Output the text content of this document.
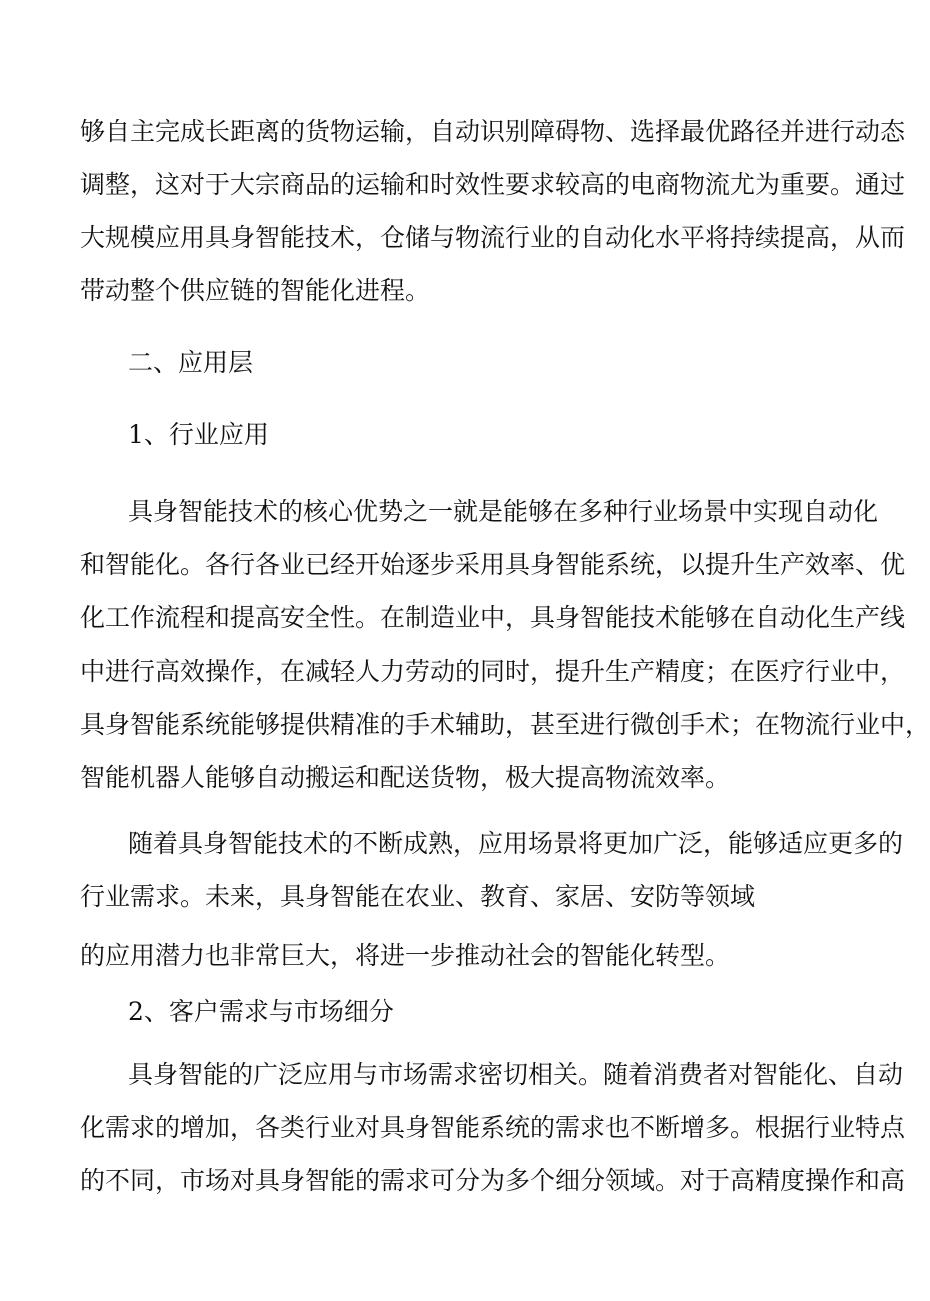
够自主完成长距离的货物运输，自动识别障碍物、选择最优路径并进行动态
调整，这对于大宗商品的运输和时效性要求较高的电商物流尤为重要。通过
大规模应用具身智能技术，仓储与物流行业的自动化水平将持续提高，从而
带动整个供应链的智能化进程。
二、应用层
1、行业应用
具身智能技术的核心优势之一就是能够在多种行业场景中实现自动化
和智能化。各行各业已经开始逐步采用具身智能系统，以提升生产效率、优
化工作流程和提高安全性。在制造业中，具身智能技术能够在自动化生产线
中进行高效操作，在减轻人力劳动的同时，提升生产精度；在医疗行业中，
具身智能系统能够提供精准的手术辅助，甚至进行微创手术；在物流行业中，
智能机器人能够自动搬运和配送货物，极大提高物流效率。
随着具身智能技术的不断成熟，应用场景将更加广泛，能够适应更多的
行业需求。未来，具身智能在农业、教育、家居、安防等领域
的应用潜力也非常巨大，将进一步推动社会的智能化转型。
2、客户需求与市场细分
具身智能的广泛应用与市场需求密切相关。随着消费者对智能化、自动
化需求的增加，各类行业对具身智能系统的需求也不断增多。根据行业特点
的不同，市场对具身智能的需求可分为多个细分领域。对于高精度操作和高
